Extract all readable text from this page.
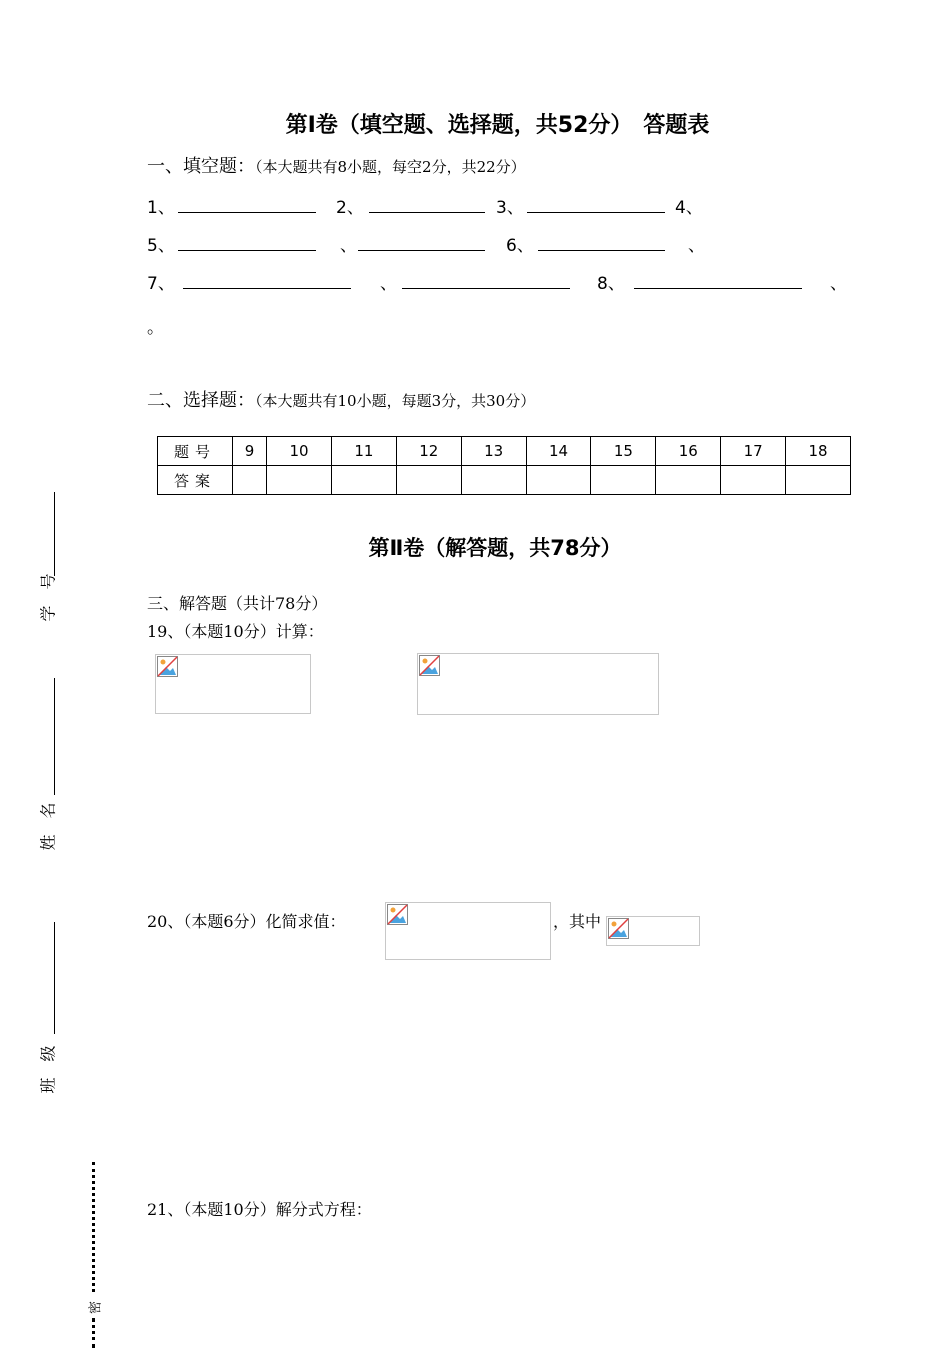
第Ⅰ卷（填空题、选择题，共52分）　答题表
一、填空题：（本大题共有8小题，每空2分，共22分）
1、	2、	3、	4、
5、	、	6、	、
7、	、	8、	、
。
二、选择题：（本大题共有10小题，每题3分，共30分）
题号	9	10	11	12	13	14	15	16	17	18
答案										
第Ⅱ卷（解答题，共78分）
三、解答题（共计78分）
19、（本题10分）计算：
20、（本题6分）化简求值：	，其中
21、（本题10分）解分式方程：
学　号
姓　名
班　级
密
